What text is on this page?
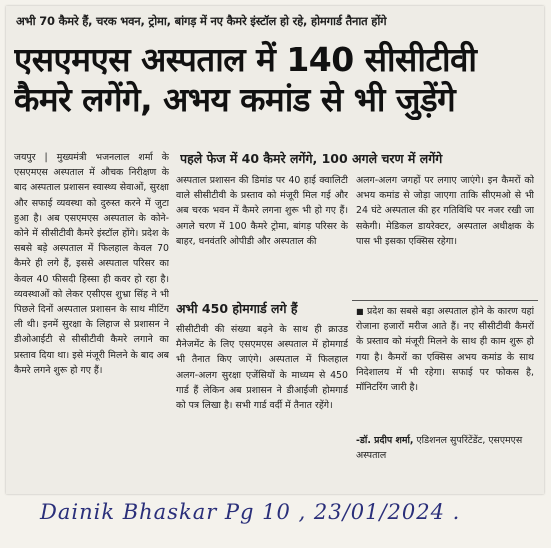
अभी 70 कैमरे हैं, चरक भवन, ट्रोमा, बांगड़ में नए कैमरे इंस्टॉल हो रहे, होमगार्ड तैनात होंगे
एसएमएस अस्पताल में 140 सीसीटीवी
कैमरे लगेंगे, अभय कमांड से भी जुड़ेंगे
जयपुर | मुख्यमंत्री भजनलाल शर्मा के एसएमएस अस्पताल में औचक निरीक्षण के बाद अस्पताल प्रशासन स्वास्थ्य सेवाओं, सुरक्षा और सफाई व्यवस्था को दुरुस्त करने में जुटा हुआ है। अब एसएमएस अस्पताल के कोने-कोने में सीसीटीवी कैमरे इंस्टॉल होंगे। प्रदेश के सबसे बड़े अस्पताल में फिलहाल केवल 70 कैमरे ही लगे हैं, इससे अस्पताल परिसर का केवल 40 फीसदी हिस्सा ही कवर हो रहा है। व्यवस्थाओं को लेकर एसीएस शुभ्रा सिंह ने भी पिछले दिनों अस्पताल प्रशासन के साथ मीटिंग ली थी। इनमें सुरक्षा के लिहाज से प्रशासन ने डीओआईटी से सीसीटीवी कैमरे लगाने का प्रस्ताव दिया था। इसे मंजूरी मिलने के बाद अब कैमरे लगने शुरू हो गए हैं।
पहले फेज में 40 कैमरे लगेंगे, 100 अगले चरण में लगेंगे
अस्पताल प्रशासन की डिमांड पर 40 हाई क्वालिटी वाले सीसीटीवी के प्रस्ताव को मंजूरी मिल गई और अब चरक भवन में कैमरे लगना शुरू भी हो गए हैं। अगले चरण में 100 कैमरे ट्रोमा, बांगड़ परिसर के बाहर, धनवंतरि ओपीडी और अस्पताल की
अभी 450 होमगार्ड लगे हैं
सीसीटीवी की संख्या बढ़ने के साथ ही क्राउड मैनेजमेंट के लिए एसएमएस अस्पताल में होमगार्ड भी तैनात किए जाएंगे। अस्पताल में फिलहाल अलग-अलग सुरक्षा एजेंसियों के माध्यम से 450 गार्ड हैं लेकिन अब प्रशासन ने डीआईजी होमगार्ड को पत्र लिखा है। सभी गार्ड वर्दी में तैनात रहेंगे।
अलग-अलग जगहों पर लगाए जाएंगे। इन कैमरों को अभय कमांड से जोड़ा जाएगा ताकि सीएमओ से भी 24 घंटे अस्पताल की हर गतिविधि पर नजर रखी जा सकेगी। मेडिकल डायरेक्टर, अस्पताल अधीक्षक के पास भी इसका एक्सिस रहेगा।
■ प्रदेश का सबसे बड़ा अस्पताल होने के कारण यहां रोजाना हजारों मरीज आते हैं। नए सीसीटीवी कैमरों के प्रस्ताव को मंजूरी मिलने के साथ ही काम शुरू हो गया है। कैमरों का एक्सिस अभय कमांड के साथ निदेशालय में भी रहेगा। सफाई पर फोकस है, मॉनिटरिंग जारी है।
-डॉ. प्रदीप शर्मा, एडिशनल सुपरिंटेंडेंट, एसएमएस अस्पताल
Dainik Bhaskar Pg 10 , 23/01/2024 .
